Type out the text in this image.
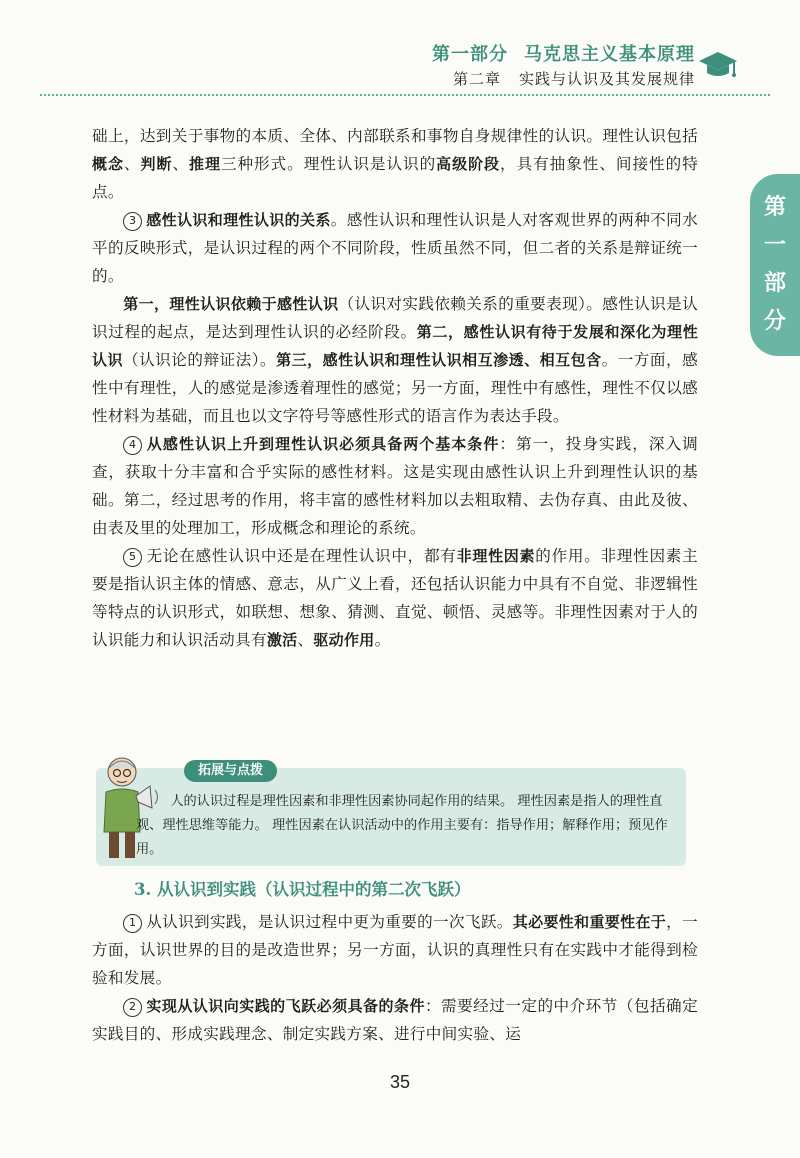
第一部分 马克思主义基本原理
第二章 实践与认识及其发展规律
第
一
部
分

础上，达到关于事物的本质、全体、内部联系和事物自身规律性的认识。理性认识包括概念、判断、推理三种形式。理性认识是认识的高级阶段，具有抽象性、间接性的特点。

3 感性认识和理性认识的关系。感性认识和理性认识是人对客观世界的两种不同水平的反映形式，是认识过程的两个不同阶段，性质虽然不同，但二者的关系是辩证统一的。

第一，理性认识依赖于感性认识（认识对实践依赖关系的重要表现）。感性认识是认识过程的起点，是达到理性认识的必经阶段。第二，感性认识有待于发展和深化为理性认识（认识论的辩证法）。第三，感性认识和理性认识相互渗透、相互包含。一方面，感性中有理性，人的感觉是渗透着理性的感觉；另一方面，理性中有感性，理性不仅以感性材料为基础，而且也以文字符号等感性形式的语言作为表达手段。

4 从感性认识上升到理性认识必须具备两个基本条件：第一，投身实践，深入调查，获取十分丰富和合乎实际的感性材料。这是实现由感性认识上升到理性认识的基础。第二，经过思考的作用，将丰富的感性材料加以去粗取精、去伪存真、由此及彼、由表及里的处理加工，形成概念和理论的系统。

5 无论在感性认识中还是在理性认识中，都有非理性因素的作用。非理性因素主要是指认识主体的情感、意志，从广义上看，还包括认识能力中具有不自觉、非逻辑性等特点的认识形式，如联想、想象、猜测、直觉、顿悟、灵感等。非理性因素对于人的认识能力和认识活动具有激活、驱动作用。

拓展与点拨

人的认识过程是理性因素和非理性因素协同起作用的结果。 理性因素是指人的理性直观、理性思维等能力。 理性因素在认识活动中的作用主要有：指导作用；解释作用；预见作用。

3. 从认识到实践（认识过程中的第二次飞跃）

1 从认识到实践，是认识过程中更为重要的一次飞跃。其必要性和重要性在于，一方面，认识世界的目的是改造世界；另一方面，认识的真理性只有在实践中才能得到检验和发展。

2 实现从认识向实践的飞跃必须具备的条件：需要经过一定的中介环节（包括确定实践目的、形成实践理念、制定实践方案、进行中间实验、运

35
